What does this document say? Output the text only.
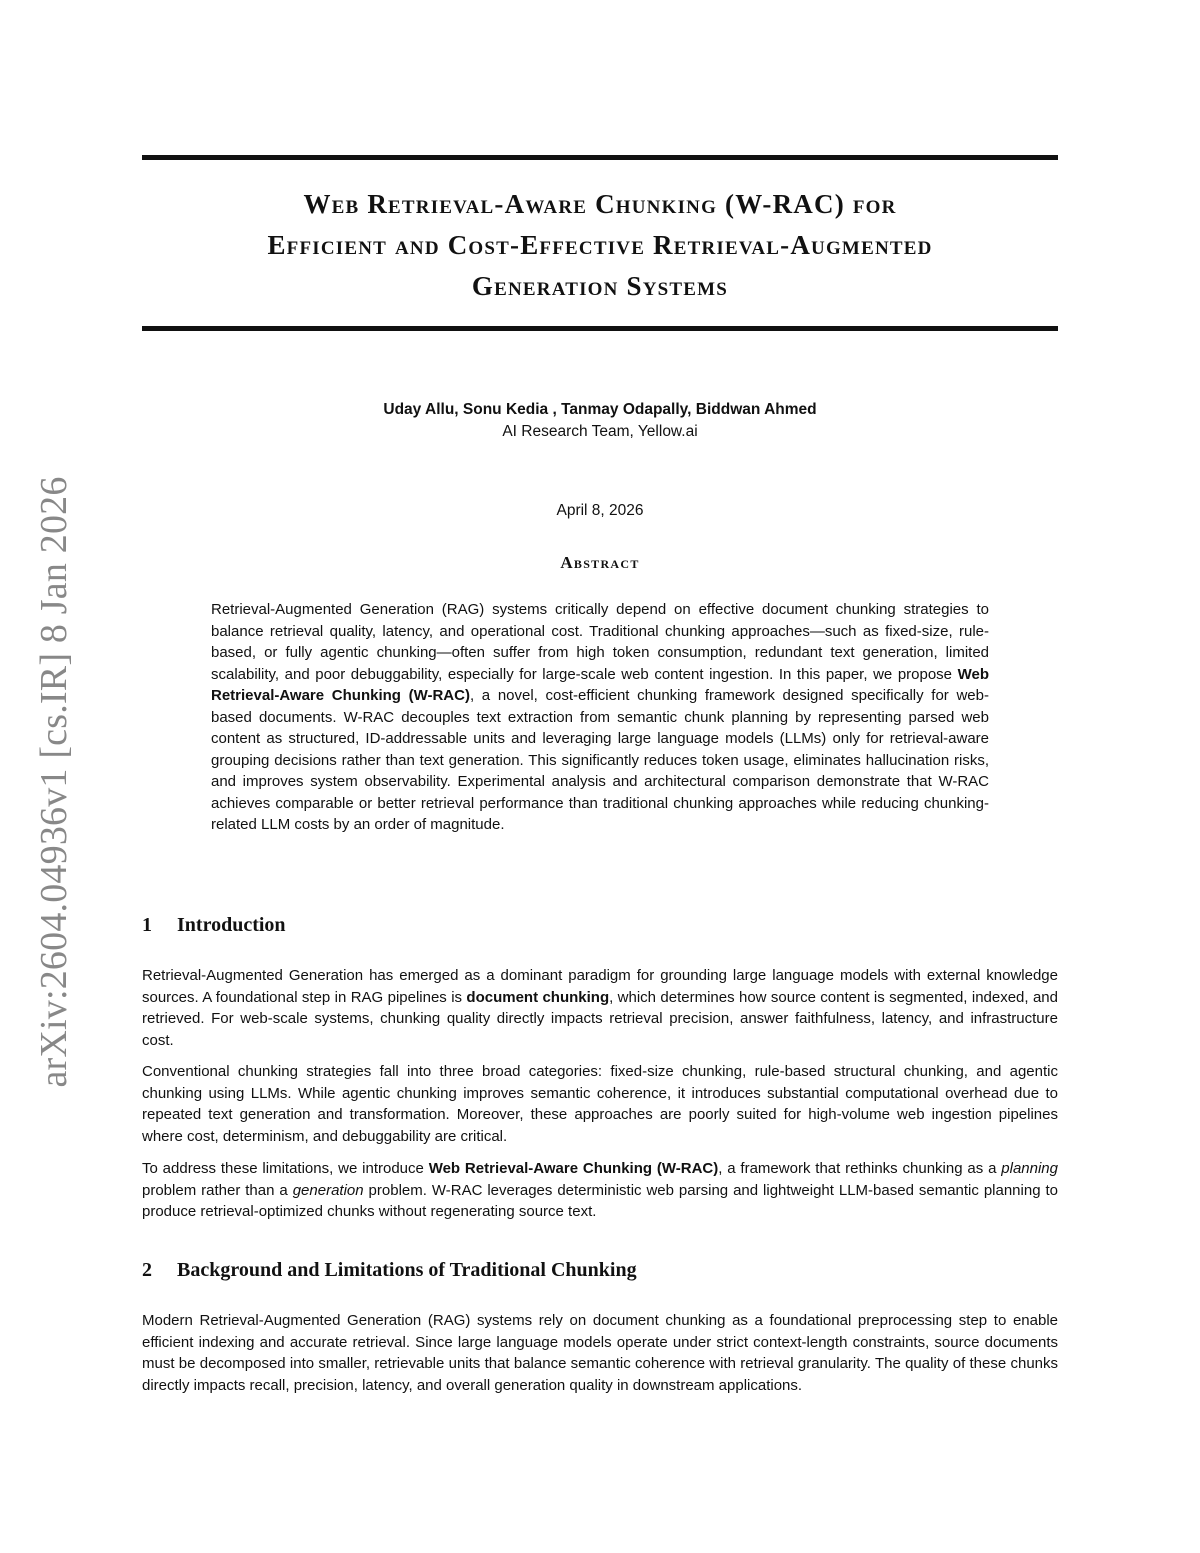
arXiv:2604.04936v1 [cs.IR] 8 Jan 2026
Web Retrieval-Aware Chunking (W-RAC) for
Efficient and Cost-Effective Retrieval-Augmented
Generation Systems
Uday Allu, Sonu Kedia , Tanmay Odapally, Biddwan Ahmed
AI Research Team, Yellow.ai
April 8, 2026
Abstract

Retrieval-Augmented Generation (RAG) systems critically depend on effective document chunking strategies to balance retrieval quality, latency, and operational cost. Traditional chunking approaches—such as fixed-size, rule-based, or fully agentic chunking—often suffer from high token consumption, redundant text generation, limited scalability, and poor debuggability, especially for large-scale web content ingestion. In this paper, we propose Web Retrieval-Aware Chunking (W-RAC), a novel, cost-efficient chunking framework designed specifically for web-based documents. W-RAC decouples text extraction from semantic chunk planning by representing parsed web content as structured, ID-addressable units and leveraging large language models (LLMs) only for retrieval-aware grouping decisions rather than text generation. This significantly reduces token usage, eliminates hallucination risks, and improves system observability. Experimental analysis and architectural comparison demonstrate that W-RAC achieves comparable or better retrieval performance than traditional chunking approaches while reducing chunking-related LLM costs by an order of magnitude.

1 Introduction

Retrieval-Augmented Generation has emerged as a dominant paradigm for grounding large language models with external knowledge sources. A foundational step in RAG pipelines is document chunking, which determines how source content is segmented, indexed, and retrieved. For web-scale systems, chunking quality directly impacts retrieval precision, answer faithfulness, latency, and infrastructure cost.

Conventional chunking strategies fall into three broad categories: fixed-size chunking, rule-based structural chunking, and agentic chunking using LLMs. While agentic chunking improves semantic coherence, it introduces substantial computational overhead due to repeated text generation and transformation. Moreover, these approaches are poorly suited for high-volume web ingestion pipelines where cost, determinism, and debuggability are critical.

To address these limitations, we introduce Web Retrieval-Aware Chunking (W-RAC), a framework that rethinks chunking as a planning problem rather than a generation problem. W-RAC leverages deterministic web parsing and lightweight LLM-based semantic planning to produce retrieval-optimized chunks without regenerating source text.

2 Background and Limitations of Traditional Chunking

Modern Retrieval-Augmented Generation (RAG) systems rely on document chunking as a foundational preprocessing step to enable efficient indexing and accurate retrieval. Since large language models operate under strict context-length constraints, source documents must be decomposed into smaller, retrievable units that balance semantic coherence with retrieval granularity. The quality of these chunks directly impacts recall, precision, latency, and overall generation quality in downstream applications.
